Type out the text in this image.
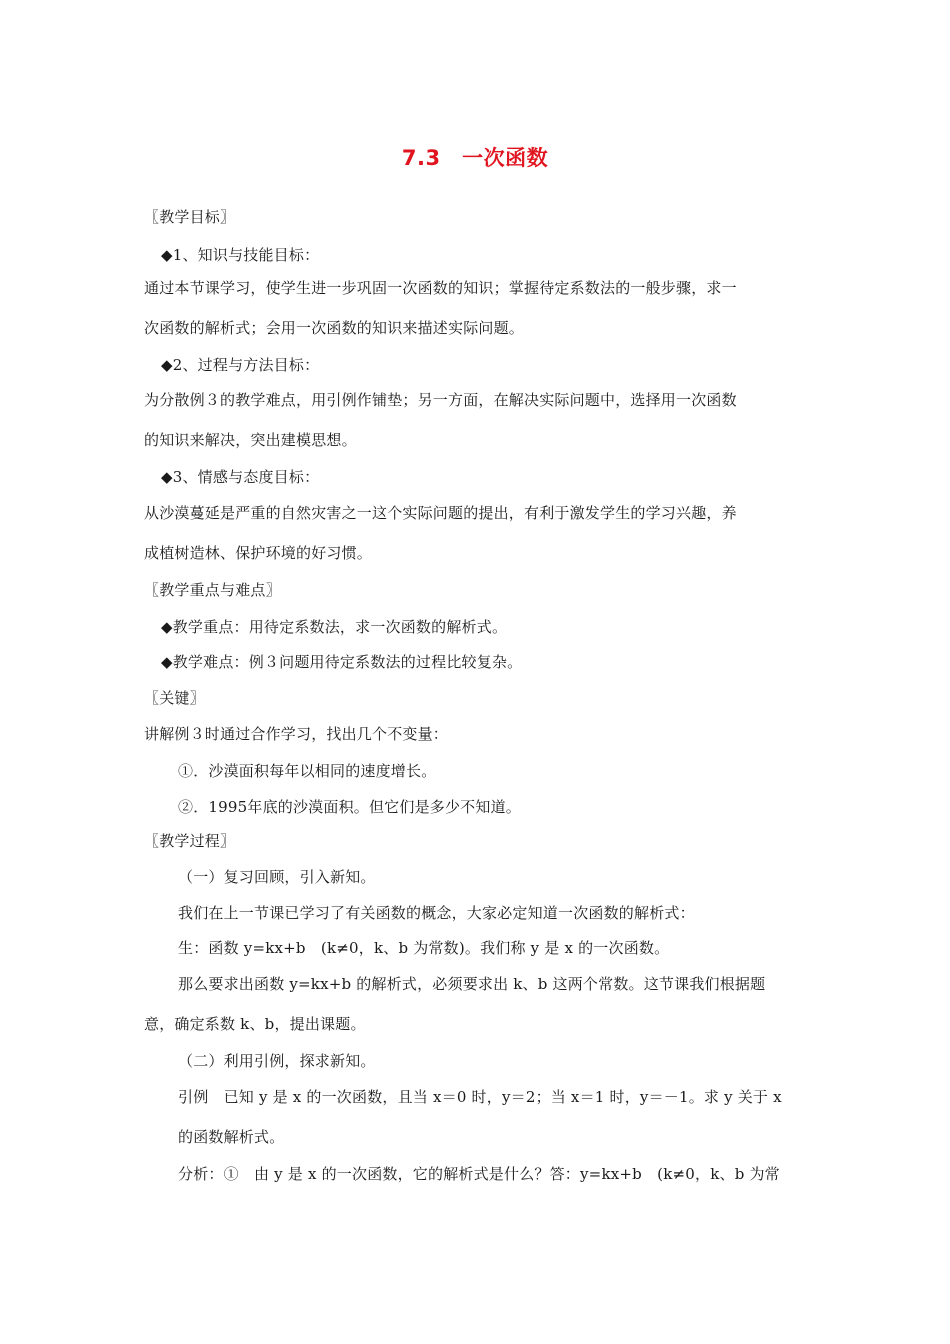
7.3　一次函数
〖教学目标〗
◆1、知识与技能目标：
通过本节课学习，使学生进一步巩固一次函数的知识；掌握待定系数法的一般步骤，求一
次函数的解析式；会用一次函数的知识来描述实际问题。
◆2、过程与方法目标：
为分散例３的教学难点，用引例作铺垫；另一方面，在解决实际问题中，选择用一次函数
的知识来解决，突出建模思想。
◆3、情感与态度目标：
从沙漠蔓延是严重的自然灾害之一这个实际问题的提出，有利于激发学生的学习兴趣，养
成植树造林、保护环境的好习惯。
〖教学重点与难点〗
◆教学重点：用待定系数法，求一次函数的解析式。
◆教学难点：例３问题用待定系数法的过程比较复杂。
〖关键〗
讲解例３时通过合作学习，找出几个不变量：
①．沙漠面积每年以相同的速度增长。
②．1995年底的沙漠面积。但它们是多少不知道。
〖教学过程〗
（一）复习回顾，引入新知。
我们在上一节课已学习了有关函数的概念，大家必定知道一次函数的解析式：
生：函数 y=kx+b　(k≠0，k、b 为常数)。我们称 y 是 x 的一次函数。
那么要求出函数 y=kx+b 的解析式，必须要求出 k、b 这两个常数。这节课我们根据题
意，确定系数 k、b，提出课题。
（二）利用引例，探求新知。
引例　已知 y 是 x 的一次函数，且当 x＝0 时，y＝2；当 x＝1 时，y＝－1。求 y 关于 x
的函数解析式。
分析：①　由 y 是 x 的一次函数，它的解析式是什么？答：y=kx+b　(k≠0，k、b 为常
